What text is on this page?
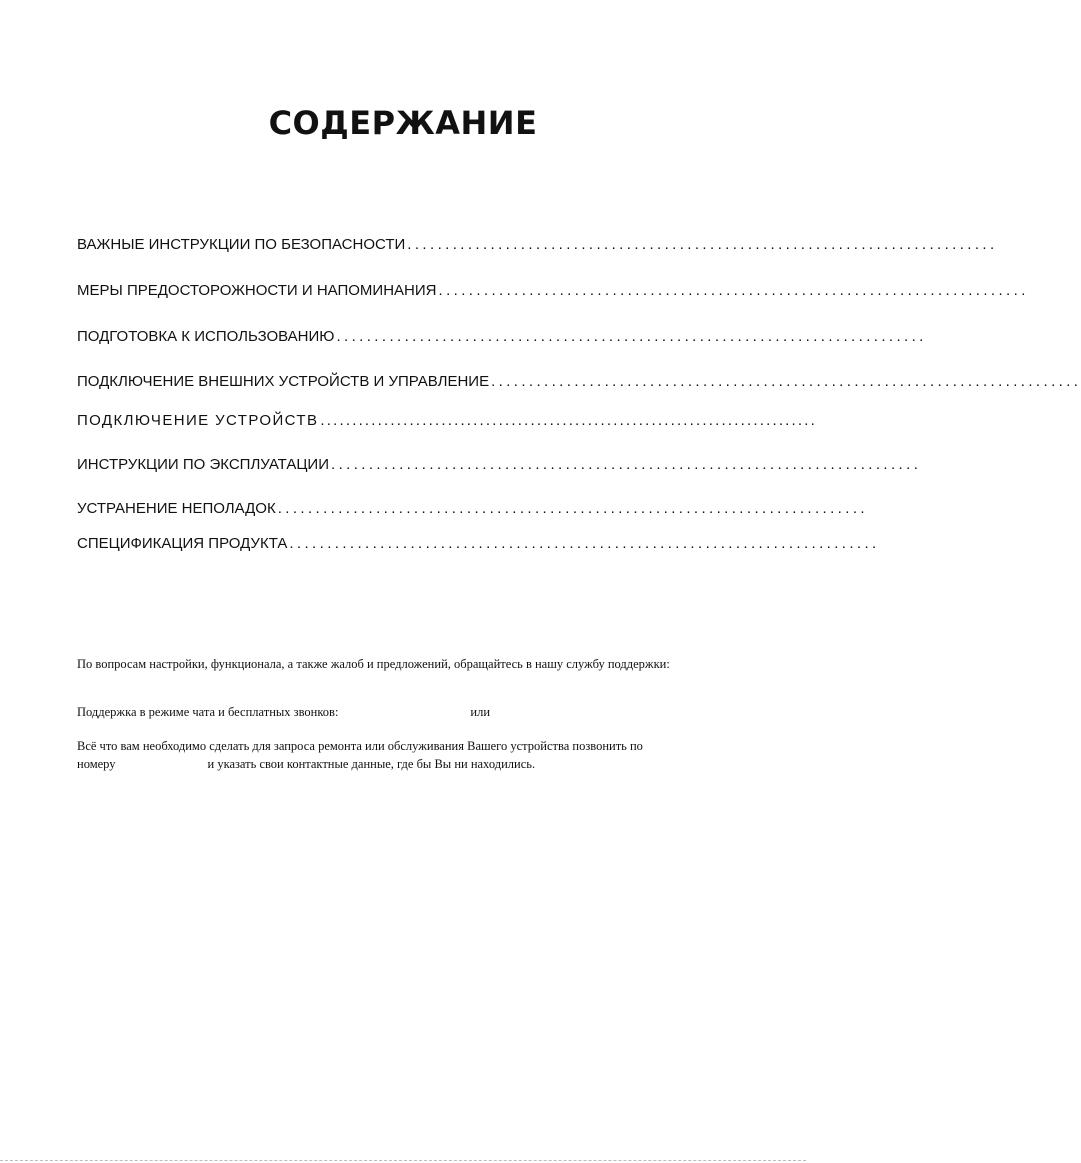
СОДЕРЖАНИЕ
ВАЖНЫЕ ИНСТРУКЦИИ ПО БЕЗОПАСНОСТИ ..............................................................................
МЕРЫ ПРЕДОСТОРОЖНОСТИ И НАПОМИНАНИЯ ..............................................................................
ПОДГОТОВКА К ИСПОЛЬЗОВАНИЮ ..............................................................................
ПОДКЛЮЧЕНИЕ ВНЕШНИХ УСТРОЙСТВ И УПРАВЛЕНИЕ ..............................................................................
ПОДКЛЮЧЕНИЕ УСТРОЙСТВ ..............................................................................
ИНСТРУКЦИИ ПО ЭКСПЛУАТАЦИИ ..............................................................................
УСТРАНЕНИЕ НЕПОЛАДОК ..............................................................................
СПЕЦИФИКАЦИЯ ПРОДУКТА ..............................................................................
По вопросам настройки, функционала, а также жалоб и предложений, обращайтесь в нашу службу поддержки:
Поддержка в режиме чата и бесплатных звонков:	или
Всё что вам необходимо сделать для запроса ремонта или обслуживания Вашего устройства позвонить по
номеру	и указать свои контактные данные, где бы Вы ни находились.
